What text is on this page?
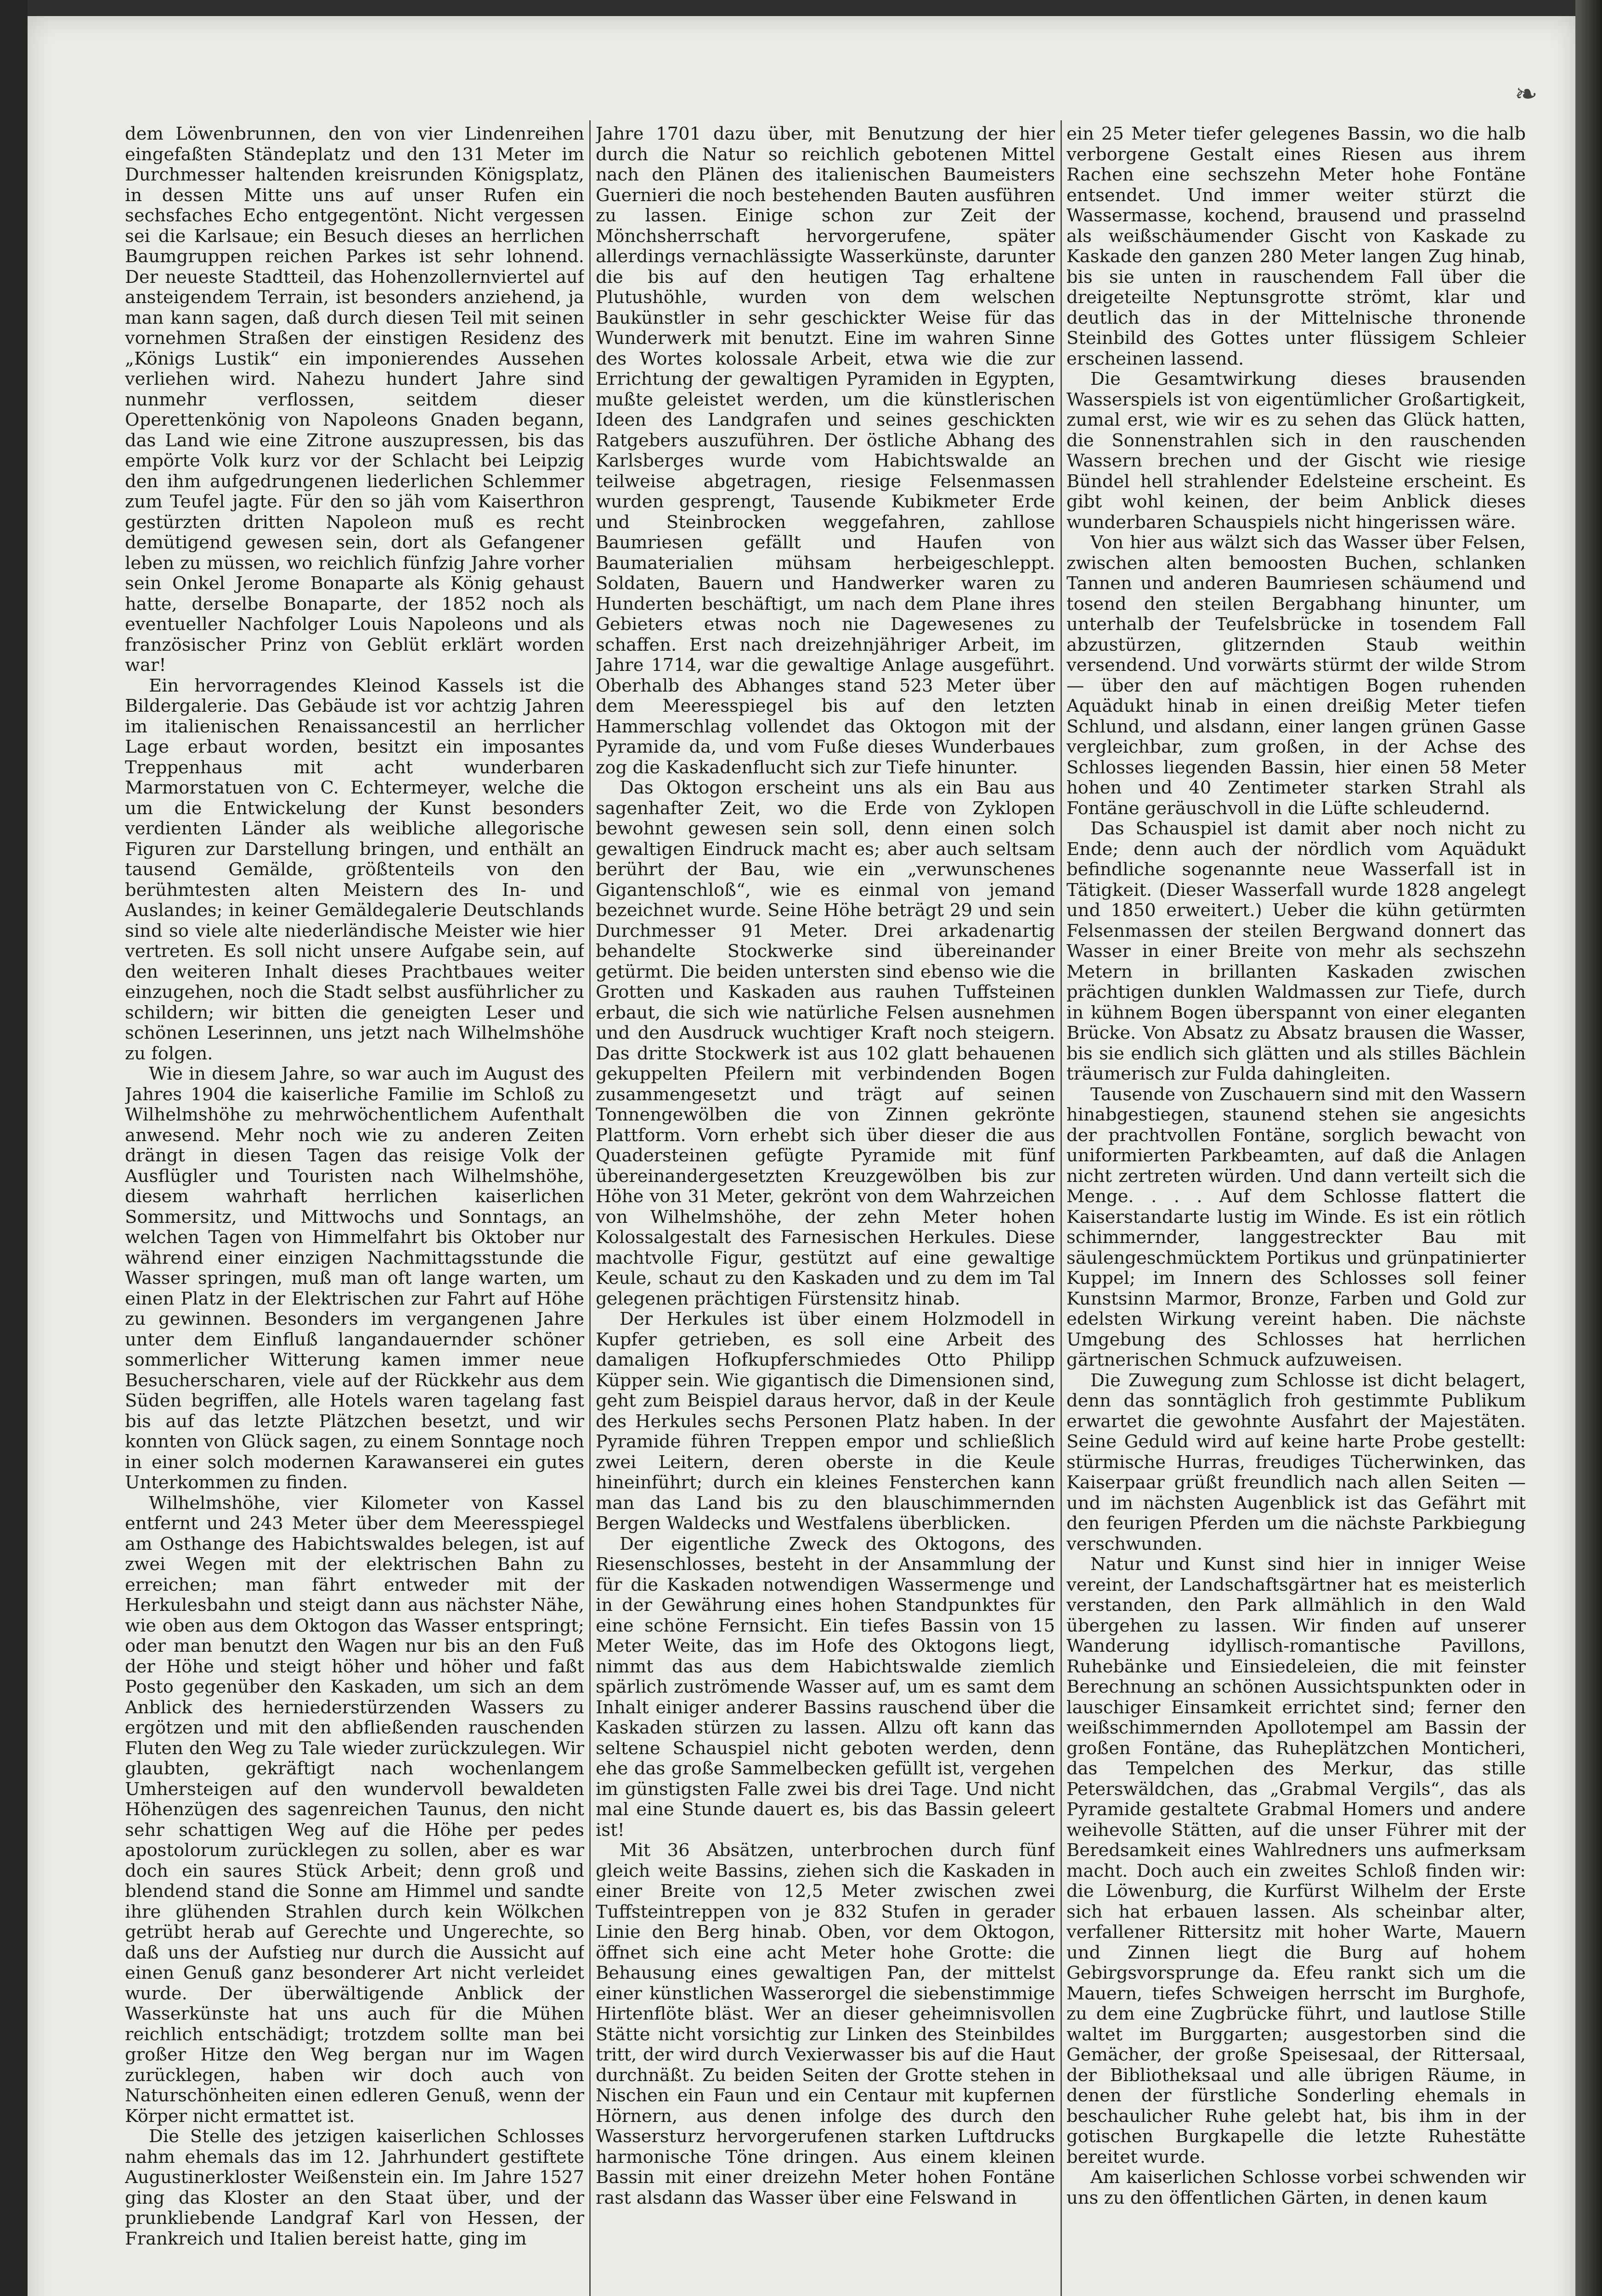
❧

dem Löwenbrunnen, den von vier Lindenreihen eingefaßten Ständeplatz und den 131 Meter im Durchmesser haltenden kreisrunden Königsplatz, in dessen Mitte uns auf unser Rufen ein sechsfaches Echo entgegentönt. Nicht vergessen sei die Karlsaue; ein Besuch dieses an herrlichen Baumgruppen reichen Parkes ist sehr lohnend. Der neueste Stadtteil, das Hohenzollernviertel auf ansteigendem Terrain, ist besonders anziehend, ja man kann sagen, daß durch diesen Teil mit seinen vornehmen Straßen der einstigen Residenz des „Königs Lustik“ ein imponierendes Aussehen verliehen wird. Nahezu hundert Jahre sind nunmehr verflossen, seitdem dieser Operettenkönig von Napoleons Gnaden begann, das Land wie eine Zitrone auszupressen, bis das empörte Volk kurz vor der Schlacht bei Leipzig den ihm aufgedrungenen liederlichen Schlemmer zum Teufel jagte. Für den so jäh vom Kaiserthron gestürzten dritten Napoleon muß es recht demütigend gewesen sein, dort als Gefangener leben zu müssen, wo reichlich fünfzig Jahre vorher sein Onkel Jerome Bonaparte als König gehaust hatte, derselbe Bonaparte, der 1852 noch als eventueller Nachfolger Louis Napoleons und als französischer Prinz von Geblüt erklärt worden war!

Ein hervorragendes Kleinod Kassels ist die Bildergalerie. Das Gebäude ist vor achtzig Jahren im italienischen Renaissancestil an herrlicher Lage erbaut worden, besitzt ein imposantes Treppenhaus mit acht wunderbaren Marmorstatuen von C. Echtermeyer, welche die um die Entwickelung der Kunst besonders verdienten Länder als weibliche allegorische Figuren zur Darstellung bringen, und enthält an tausend Gemälde, größtenteils von den berühmtesten alten Meistern des In- und Auslandes; in keiner Gemäldegalerie Deutschlands sind so viele alte niederländische Meister wie hier vertreten. Es soll nicht unsere Aufgabe sein, auf den weiteren Inhalt dieses Prachtbaues weiter einzugehen, noch die Stadt selbst ausführlicher zu schildern; wir bitten die geneigten Leser und schönen Leserinnen, uns jetzt nach Wilhelmshöhe zu folgen.

Wie in diesem Jahre, so war auch im August des Jahres 1904 die kaiserliche Familie im Schloß zu Wilhelmshöhe zu mehrwöchentlichem Aufenthalt anwesend. Mehr noch wie zu anderen Zeiten drängt in diesen Tagen das reisige Volk der Ausflügler und Touristen nach Wilhelmshöhe, diesem wahrhaft herrlichen kaiserlichen Sommersitz, und Mittwochs und Sonntags, an welchen Tagen von Himmelfahrt bis Oktober nur während einer einzigen Nachmittagsstunde die Wasser springen, muß man oft lange warten, um einen Platz in der Elektrischen zur Fahrt auf Höhe zu gewinnen. Besonders im vergangenen Jahre unter dem Einfluß langandauernder schöner sommerlicher Witterung kamen immer neue Besucherscharen, viele auf der Rückkehr aus dem Süden begriffen, alle Hotels waren tagelang fast bis auf das letzte Plätzchen besetzt, und wir konnten von Glück sagen, zu einem Sonntage noch in einer solch modernen Karawanserei ein gutes Unterkommen zu finden.

Wilhelmshöhe, vier Kilometer von Kassel entfernt und 243 Meter über dem Meeresspiegel am Osthange des Habichtswaldes belegen, ist auf zwei Wegen mit der elektrischen Bahn zu erreichen; man fährt entweder mit der Herkulesbahn und steigt dann aus nächster Nähe, wie oben aus dem Oktogon das Wasser entspringt; oder man benutzt den Wagen nur bis an den Fuß der Höhe und steigt höher und höher und faßt Posto gegenüber den Kaskaden, um sich an dem Anblick des herniederstürzenden Wassers zu ergötzen und mit den abfließenden rauschenden Fluten den Weg zu Tale wieder zurückzulegen. Wir glaubten, gekräftigt nach wochenlangem Umhersteigen auf den wundervoll bewaldeten Höhenzügen des sagenreichen Taunus, den nicht sehr schattigen Weg auf die Höhe per pedes apostolorum zurücklegen zu sollen, aber es war doch ein saures Stück Arbeit; denn groß und blendend stand die Sonne am Himmel und sandte ihre glühenden Strahlen durch kein Wölkchen getrübt herab auf Gerechte und Ungerechte, so daß uns der Aufstieg nur durch die Aussicht auf einen Genuß ganz besonderer Art nicht verleidet wurde. Der überwältigende Anblick der Wasserkünste hat uns auch für die Mühen reichlich entschädigt; trotzdem sollte man bei großer Hitze den Weg bergan nur im Wagen zurücklegen, haben wir doch auch von Naturschönheiten einen edleren Genuß, wenn der Körper nicht ermattet ist.

Die Stelle des jetzigen kaiserlichen Schlosses nahm ehemals das im 12. Jahrhundert gestiftete Augustinerkloster Weißenstein ein. Im Jahre 1527 ging das Kloster an den Staat über, und der prunkliebende Landgraf Karl von Hessen, der Frankreich und Italien bereist hatte, ging im

Jahre 1701 dazu über, mit Benutzung der hier durch die Natur so reichlich gebotenen Mittel nach den Plänen des italienischen Baumeisters Guernieri die noch bestehenden Bauten ausführen zu lassen. Einige schon zur Zeit der Mönchsherrschaft hervorgerufene, später allerdings vernachlässigte Wasserkünste, darunter die bis auf den heutigen Tag erhaltene Plutushöhle, wurden von dem welschen Baukünstler in sehr geschickter Weise für das Wunderwerk mit benutzt. Eine im wahren Sinne des Wortes kolossale Arbeit, etwa wie die zur Errichtung der gewaltigen Pyramiden in Egypten, mußte geleistet werden, um die künstlerischen Ideen des Landgrafen und seines geschickten Ratgebers auszuführen. Der östliche Abhang des Karlsberges wurde vom Habichtswalde an teilweise abgetragen, riesige Felsenmassen wurden gesprengt, Tausende Kubikmeter Erde und Steinbrocken weggefahren, zahllose Baumriesen gefällt und Haufen von Baumaterialien mühsam herbeigeschleppt. Soldaten, Bauern und Handwerker waren zu Hunderten beschäftigt, um nach dem Plane ihres Gebieters etwas noch nie Dagewesenes zu schaffen. Erst nach dreizehnjähriger Arbeit, im Jahre 1714, war die gewaltige Anlage ausgeführt. Oberhalb des Abhanges stand 523 Meter über dem Meeresspiegel bis auf den letzten Hammerschlag vollendet das Oktogon mit der Pyramide da, und vom Fuße dieses Wunderbaues zog die Kaskadenflucht sich zur Tiefe hinunter.

Das Oktogon erscheint uns als ein Bau aus sagenhafter Zeit, wo die Erde von Zyklopen bewohnt gewesen sein soll, denn einen solch gewaltigen Eindruck macht es; aber auch seltsam berührt der Bau, wie ein „verwunschenes Gigantenschloß“, wie es einmal von jemand bezeichnet wurde. Seine Höhe beträgt 29 und sein Durchmesser 91 Meter. Drei arkadenartig behandelte Stockwerke sind übereinander getürmt. Die beiden untersten sind ebenso wie die Grotten und Kaskaden aus rauhen Tuffsteinen erbaut, die sich wie natürliche Felsen ausnehmen und den Ausdruck wuchtiger Kraft noch steigern. Das dritte Stockwerk ist aus 102 glatt behauenen gekuppelten Pfeilern mit verbindenden Bogen zusammengesetzt und trägt auf seinen Tonnengewölben die von Zinnen gekrönte Plattform. Vorn erhebt sich über dieser die aus Quadersteinen gefügte Pyramide mit fünf übereinandergesetzten Kreuzgewölben bis zur Höhe von 31 Meter, gekrönt von dem Wahrzeichen von Wilhelmshöhe, der zehn Meter hohen Kolossalgestalt des Farnesischen Herkules. Diese machtvolle Figur, gestützt auf eine gewaltige Keule, schaut zu den Kaskaden und zu dem im Tal gelegenen prächtigen Fürstensitz hinab.

Der Herkules ist über einem Holzmodell in Kupfer getrieben, es soll eine Arbeit des damaligen Hofkupferschmiedes Otto Philipp Küpper sein. Wie gigantisch die Dimensionen sind, geht zum Beispiel daraus hervor, daß in der Keule des Herkules sechs Personen Platz haben. In der Pyramide führen Treppen empor und schließlich zwei Leitern, deren oberste in die Keule hineinführt; durch ein kleines Fensterchen kann man das Land bis zu den blauschimmernden Bergen Waldecks und Westfalens überblicken.

Der eigentliche Zweck des Oktogons, des Riesenschlosses, besteht in der Ansammlung der für die Kaskaden notwendigen Wassermenge und in der Gewährung eines hohen Standpunktes für eine schöne Fernsicht. Ein tiefes Bassin von 15 Meter Weite, das im Hofe des Oktogons liegt, nimmt das aus dem Habichtswalde ziemlich spärlich zuströmende Wasser auf, um es samt dem Inhalt einiger anderer Bassins rauschend über die Kaskaden stürzen zu lassen. Allzu oft kann das seltene Schauspiel nicht geboten werden, denn ehe das große Sammelbecken gefüllt ist, vergehen im günstigsten Falle zwei bis drei Tage. Und nicht mal eine Stunde dauert es, bis das Bassin geleert ist!

Mit 36 Absätzen, unterbrochen durch fünf gleich weite Bassins, ziehen sich die Kaskaden in einer Breite von 12,5 Meter zwischen zwei Tuffsteintreppen von je 832 Stufen in gerader Linie den Berg hinab. Oben, vor dem Oktogon, öffnet sich eine acht Meter hohe Grotte: die Behausung eines gewaltigen Pan, der mittelst einer künstlichen Wasserorgel die siebenstimmige Hirtenflöte bläst. Wer an dieser geheimnisvollen Stätte nicht vorsichtig zur Linken des Steinbildes tritt, der wird durch Vexierwasser bis auf die Haut durchnäßt. Zu beiden Seiten der Grotte stehen in Nischen ein Faun und ein Centaur mit kupfernen Hörnern, aus denen infolge des durch den Wassersturz hervorgerufenen starken Luftdrucks harmonische Töne dringen. Aus einem kleinen Bassin mit einer dreizehn Meter hohen Fontäne rast alsdann das Wasser über eine Felswand in

ein 25 Meter tiefer gelegenes Bassin, wo die halb verborgene Gestalt eines Riesen aus ihrem Rachen eine sechszehn Meter hohe Fontäne entsendet. Und immer weiter stürzt die Wassermasse, kochend, brausend und prasselnd als weißschäumender Gischt von Kaskade zu Kaskade den ganzen 280 Meter langen Zug hinab, bis sie unten in rauschendem Fall über die dreigeteilte Neptunsgrotte strömt, klar und deutlich das in der Mittelnische thronende Steinbild des Gottes unter flüssigem Schleier erscheinen lassend.

Die Gesamtwirkung dieses brausenden Wasserspiels ist von eigentümlicher Großartigkeit, zumal erst, wie wir es zu sehen das Glück hatten, die Sonnenstrahlen sich in den rauschenden Wassern brechen und der Gischt wie riesige Bündel hell strahlender Edelsteine erscheint. Es gibt wohl keinen, der beim Anblick dieses wunderbaren Schauspiels nicht hingerissen wäre.

Von hier aus wälzt sich das Wasser über Felsen, zwischen alten bemoosten Buchen, schlanken Tannen und anderen Baumriesen schäumend und tosend den steilen Bergabhang hinunter, um unterhalb der Teufelsbrücke in tosendem Fall abzustürzen, glitzernden Staub weithin versendend. Und vorwärts stürmt der wilde Strom — über den auf mächtigen Bogen ruhenden Aquädukt hinab in einen dreißig Meter tiefen Schlund, und alsdann, einer langen grünen Gasse vergleichbar, zum großen, in der Achse des Schlosses liegenden Bassin, hier einen 58 Meter hohen und 40 Zentimeter starken Strahl als Fontäne geräuschvoll in die Lüfte schleudernd.

Das Schauspiel ist damit aber noch nicht zu Ende; denn auch der nördlich vom Aquädukt befindliche sogenannte neue Wasserfall ist in Tätigkeit. (Dieser Wasserfall wurde 1828 angelegt und 1850 erweitert.) Ueber die kühn getürmten Felsenmassen der steilen Bergwand donnert das Wasser in einer Breite von mehr als sechszehn Metern in brillanten Kaskaden zwischen prächtigen dunklen Waldmassen zur Tiefe, durch in kühnem Bogen überspannt von einer eleganten Brücke. Von Absatz zu Absatz brausen die Wasser, bis sie endlich sich glätten und als stilles Bächlein träumerisch zur Fulda dahingleiten.

Tausende von Zuschauern sind mit den Wassern hinabgestiegen, staunend stehen sie angesichts der prachtvollen Fontäne, sorglich bewacht von uniformierten Parkbeamten, auf daß die Anlagen nicht zertreten würden. Und dann verteilt sich die Menge. . . . Auf dem Schlosse flattert die Kaiserstandarte lustig im Winde. Es ist ein rötlich schimmernder, langgestreckter Bau mit säulengeschmücktem Portikus und grünpatinierter Kuppel; im Innern des Schlosses soll feiner Kunstsinn Marmor, Bronze, Farben und Gold zur edelsten Wirkung vereint haben. Die nächste Umgebung des Schlosses hat herrlichen gärtnerischen Schmuck aufzuweisen.

Die Zuwegung zum Schlosse ist dicht belagert, denn das sonntäglich froh gestimmte Publikum erwartet die gewohnte Ausfahrt der Majestäten. Seine Geduld wird auf keine harte Probe gestellt: stürmische Hurras, freudiges Tücherwinken, das Kaiserpaar grüßt freundlich nach allen Seiten — und im nächsten Augenblick ist das Gefährt mit den feurigen Pferden um die nächste Parkbiegung verschwunden.

Natur und Kunst sind hier in inniger Weise vereint, der Landschaftsgärtner hat es meisterlich verstanden, den Park allmählich in den Wald übergehen zu lassen. Wir finden auf unserer Wanderung idyllisch-romantische Pavillons, Ruhebänke und Einsiedeleien, die mit feinster Berechnung an schönen Aussichtspunkten oder in lauschiger Einsamkeit errichtet sind; ferner den weißschimmernden Apollotempel am Bassin der großen Fontäne, das Ruheplätzchen Monticheri, das Tempelchen des Merkur, das stille Peterswäldchen, das „Grabmal Vergils“, das als Pyramide gestaltete Grabmal Homers und andere weihevolle Stätten, auf die unser Führer mit der Beredsamkeit eines Wahlredners uns aufmerksam macht. Doch auch ein zweites Schloß finden wir: die Löwenburg, die Kurfürst Wilhelm der Erste sich hat erbauen lassen. Als scheinbar alter, verfallener Rittersitz mit hoher Warte, Mauern und Zinnen liegt die Burg auf hohem Gebirgsvorsprunge da. Efeu rankt sich um die Mauern, tiefes Schweigen herrscht im Burghofe, zu dem eine Zugbrücke führt, und lautlose Stille waltet im Burggarten; ausgestorben sind die Gemächer, der große Speisesaal, der Rittersaal, der Bibliotheksaal und alle übrigen Räume, in denen der fürstliche Sonderling ehemals in beschaulicher Ruhe gelebt hat, bis ihm in der gotischen Burgkapelle die letzte Ruhestätte bereitet wurde.

Am kaiserlichen Schlosse vorbei schwenden wir uns zu den öffentlichen Gärten, in denen kaum
